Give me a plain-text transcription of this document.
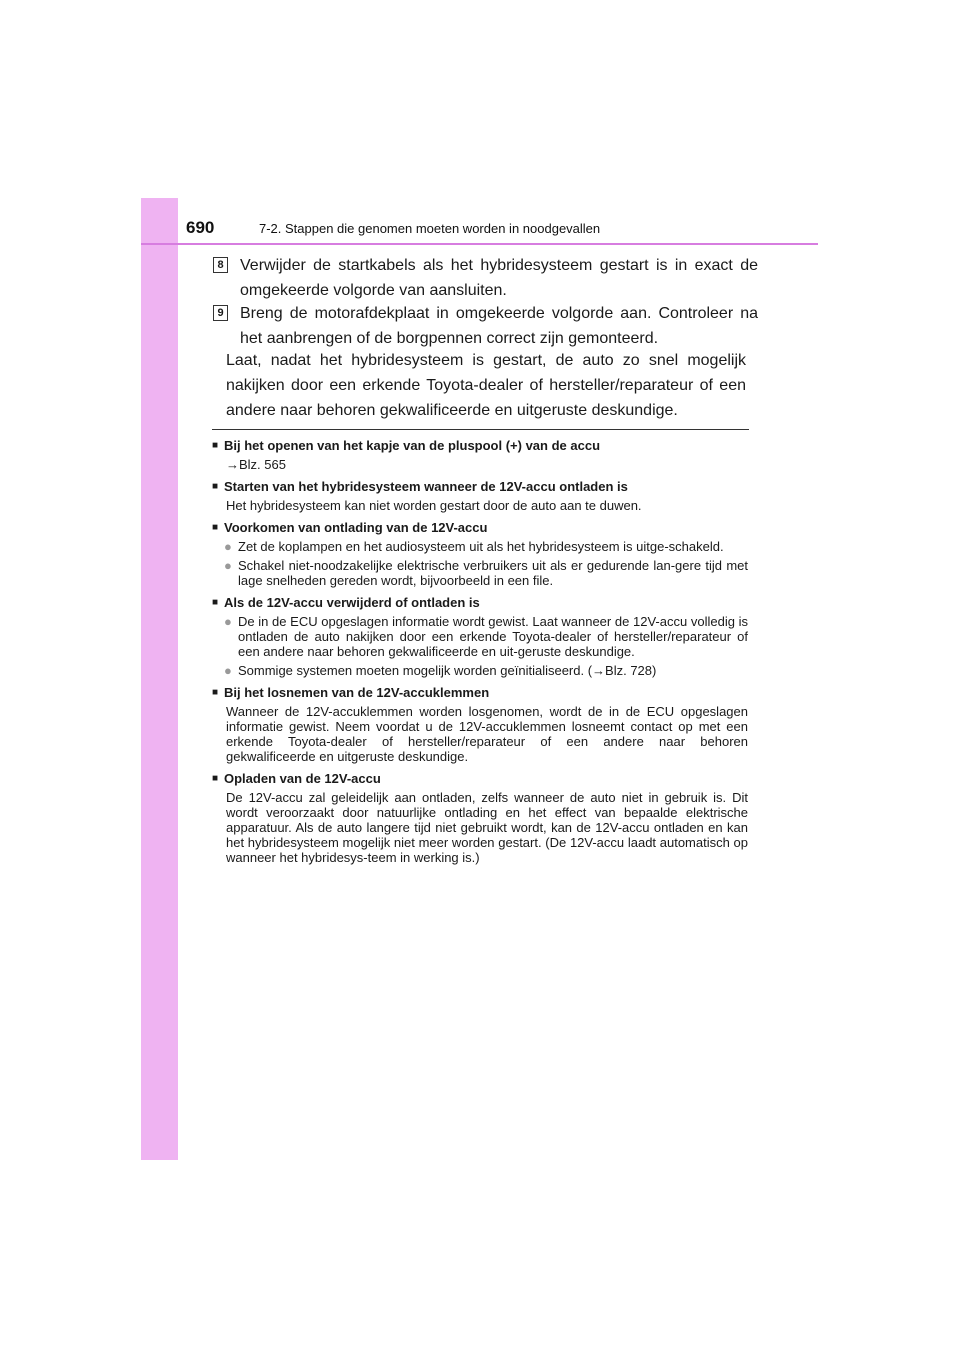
690	7-2. Stappen die genomen moeten worden in noodgevallen
8 Verwijder de startkabels als het hybridesysteem gestart is in exact de omgekeerde volgorde van aansluiten.
9 Breng de motorafdekplaat in omgekeerde volgorde aan. Controleer na het aanbrengen of de borgpennen correct zijn gemonteerd.
Laat, nadat het hybridesysteem is gestart, de auto zo snel mogelijk nakijken door een erkende Toyota-dealer of hersteller/reparateur of een andere naar behoren gekwalificeerde en uitgeruste deskundige.
■ Bij het openen van het kapje van de pluspool (+) van de accu
→Blz. 565
■ Starten van het hybridesysteem wanneer de 12V-accu ontladen is
Het hybridesysteem kan niet worden gestart door de auto aan te duwen.
■ Voorkomen van ontlading van de 12V-accu
● Zet de koplampen en het audiosysteem uit als het hybridesysteem is uitge-schakeld.
● Schakel niet-noodzakelijke elektrische verbruikers uit als er gedurende lan-gere tijd met lage snelheden gereden wordt, bijvoorbeeld in een file.
■ Als de 12V-accu verwijderd of ontladen is
● De in de ECU opgeslagen informatie wordt gewist. Laat wanneer de 12V-accu volledig is ontladen de auto nakijken door een erkende Toyota-dealer of hersteller/reparateur of een andere naar behoren gekwalificeerde en uit-geruste deskundige.
● Sommige systemen moeten mogelijk worden geïnitialiseerd. (→Blz. 728)
■ Bij het losnemen van de 12V-accuklemmen
Wanneer de 12V-accuklemmen worden losgenomen, wordt de in de ECU opgeslagen informatie gewist. Neem voordat u de 12V-accuklemmen losneemt contact op met een erkende Toyota-dealer of hersteller/reparateur of een andere naar behoren gekwalificeerde en uitgeruste deskundige.
■ Opladen van de 12V-accu
De 12V-accu zal geleidelijk aan ontladen, zelfs wanneer de auto niet in gebruik is. Dit wordt veroorzaakt door natuurlijke ontlading en het effect van bepaalde elektrische apparatuur. Als de auto langere tijd niet gebruikt wordt, kan de 12V-accu ontladen en kan het hybridesysteem mogelijk niet meer worden gestart. (De 12V-accu laadt automatisch op wanneer het hybridesys-teem in werking is.)
